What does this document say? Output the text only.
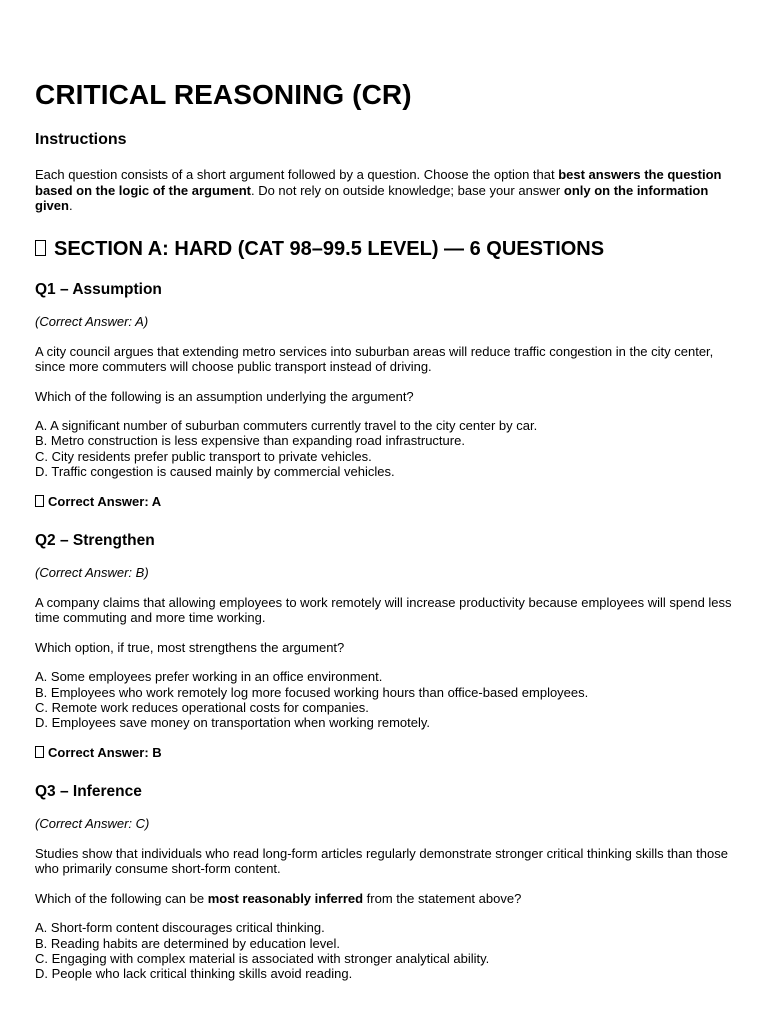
CRITICAL REASONING (CR)

Instructions

Each question consists of a short argument followed by a question. Choose the option that best answers the question based on the logic of the argument. Do not rely on outside knowledge; base your answer only on the information given.

SECTION A: HARD (CAT 98–99.5 LEVEL) — 6 QUESTIONS

Q1 – Assumption

(Correct Answer: A)

A city council argues that extending metro services into suburban areas will reduce traffic congestion in the city center, since more commuters will choose public transport instead of driving.

Which of the following is an assumption underlying the argument?

A. A significant number of suburban commuters currently travel to the city center by car.

B. Metro construction is less expensive than expanding road infrastructure.

C. City residents prefer public transport to private vehicles.

D. Traffic congestion is caused mainly by commercial vehicles.

Correct Answer: A

Q2 – Strengthen

(Correct Answer: B)

A company claims that allowing employees to work remotely will increase productivity because employees will spend less time commuting and more time working.

Which option, if true, most strengthens the argument?

A. Some employees prefer working in an office environment.

B. Employees who work remotely log more focused working hours than office-based employees.

C. Remote work reduces operational costs for companies.

D. Employees save money on transportation when working remotely.

Correct Answer: B

Q3 – Inference

(Correct Answer: C)

Studies show that individuals who read long-form articles regularly demonstrate stronger critical thinking skills than those who primarily consume short-form content.

Which of the following can be most reasonably inferred from the statement above?

A. Short-form content discourages critical thinking.

B. Reading habits are determined by education level.

C. Engaging with complex material is associated with stronger analytical ability.

D. People who lack critical thinking skills avoid reading.
